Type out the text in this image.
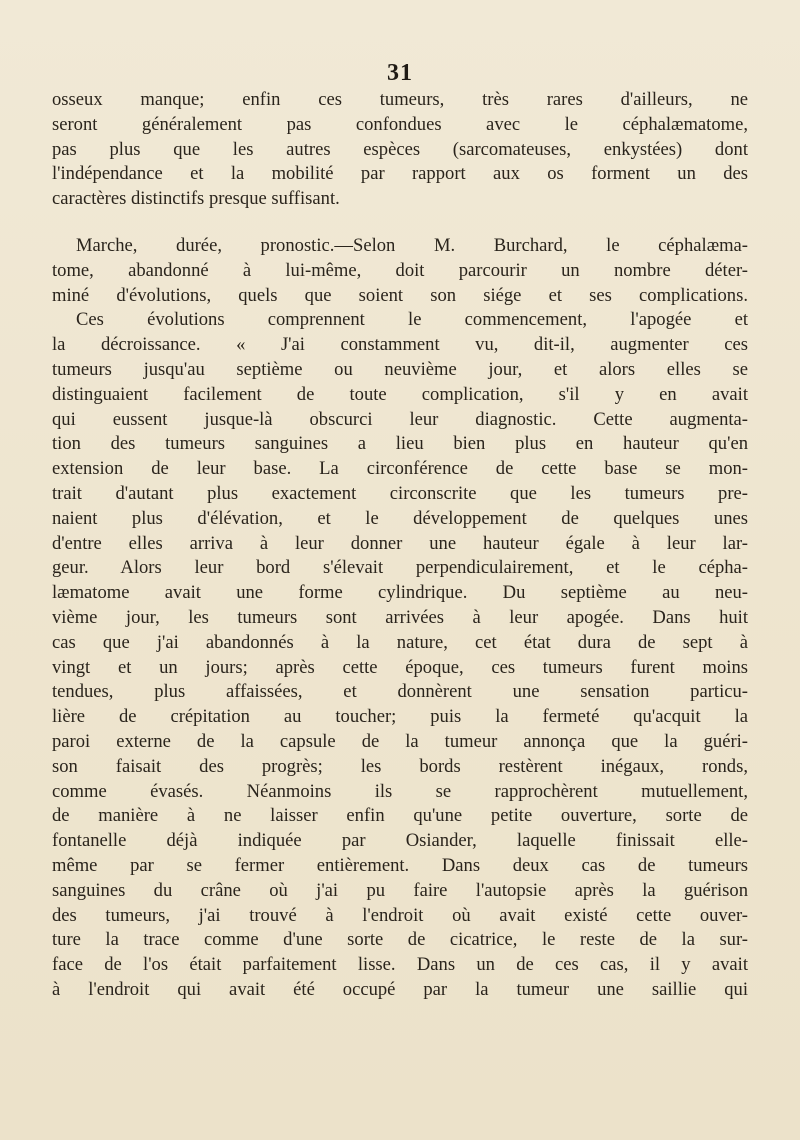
31
osseux manque; enfin ces tumeurs, très rares d'ailleurs, ne
seront généralement pas confondues avec le céphalæmatome,
pas plus que les autres espèces (sarcomateuses, enkystées) dont
l'indépendance et la mobilité par rapport aux os forment un des
caractères distinctifs presque suffisant.
Marche, durée, pronostic.—Selon M. Burchard, le céphalæma-
tome, abandonné à lui-même, doit parcourir un nombre déter-
miné d'évolutions, quels que soient son siége et ses complications.
Ces évolutions comprennent le commencement, l'apogée et
la décroissance. « J'ai constamment vu, dit-il, augmenter ces
tumeurs jusqu'au septième ou neuvième jour, et alors elles se
distinguaient facilement de toute complication, s'il y en avait
qui eussent jusque-là obscurci leur diagnostic. Cette augmenta-
tion des tumeurs sanguines a lieu bien plus en hauteur qu'en
extension de leur base. La circonférence de cette base se mon-
trait d'autant plus exactement circonscrite que les tumeurs pre-
naient plus d'élévation, et le développement de quelques unes
d'entre elles arriva à leur donner une hauteur égale à leur lar-
geur. Alors leur bord s'élevait perpendiculairement, et le cépha-
læmatome avait une forme cylindrique. Du septième au neu-
vième jour, les tumeurs sont arrivées à leur apogée. Dans huit
cas que j'ai abandonnés à la nature, cet état dura de sept à
vingt et un jours; après cette époque, ces tumeurs furent moins
tendues, plus affaissées, et donnèrent une sensation particu-
lière de crépitation au toucher; puis la fermeté qu'acquit la
paroi externe de la capsule de la tumeur annonça que la guéri-
son faisait des progrès; les bords restèrent inégaux, ronds,
comme évasés. Néanmoins ils se rapprochèrent mutuellement,
de manière à ne laisser enfin qu'une petite ouverture, sorte de
fontanelle déjà indiquée par Osiander, laquelle finissait elle-
même par se fermer entièrement. Dans deux cas de tumeurs
sanguines du crâne où j'ai pu faire l'autopsie après la guérison
des tumeurs, j'ai trouvé à l'endroit où avait existé cette ouver-
ture la trace comme d'une sorte de cicatrice, le reste de la sur-
face de l'os était parfaitement lisse. Dans un de ces cas, il y avait
à l'endroit qui avait été occupé par la tumeur une saillie qui
